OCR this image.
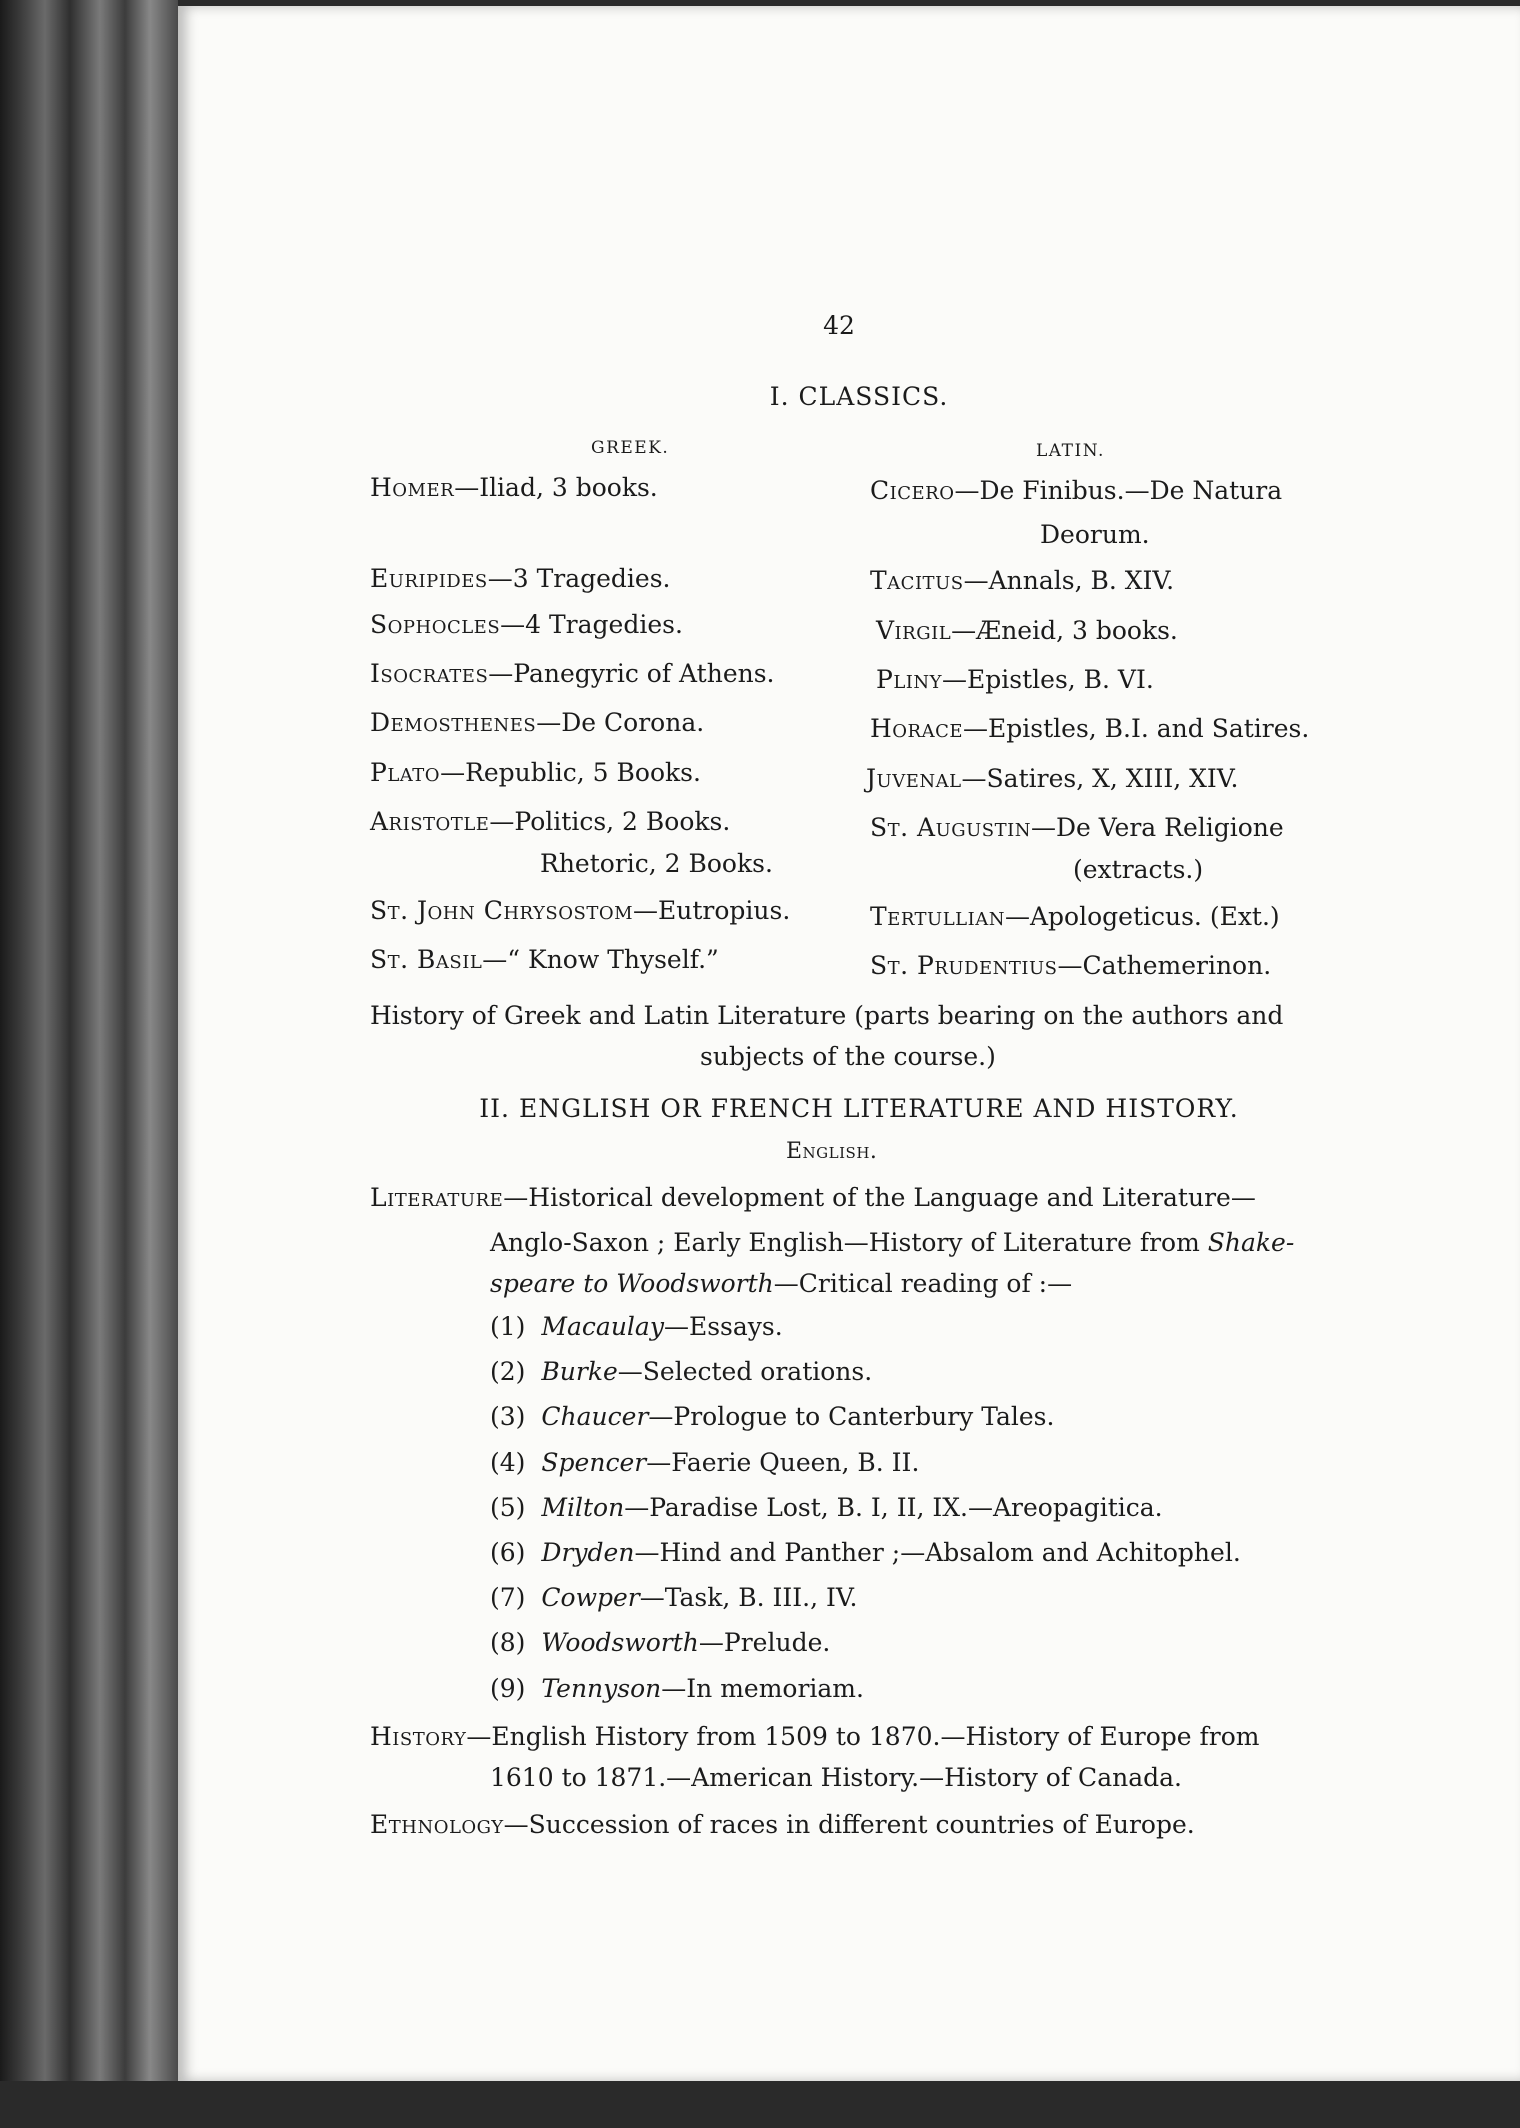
42
I. CLASSICS.
GREEK.	LATIN.
Homer—Iliad, 3 books.
Euripides—3 Tragedies.
Sophocles—4 Tragedies.
Isocrates—Panegyric of Athens.
Demosthenes—De Corona.
Plato—Republic, 5 Books.
Aristotle—Politics, 2 Books.
Rhetoric, 2 Books.
St. John Chrysostom—Eutropius.
St. Basil—“ Know Thyself.”
Cicero—De Finibus.—De Natura
Deorum.
Tacitus—Annals, B. XIV.
Virgil—Æneid, 3 books.
Pliny—Epistles, B. VI.
Horace—Epistles, B.I. and Satires.
Juvenal—Satires, X, XIII, XIV.
St. Augustin—De Vera Religione
(extracts.)
Tertullian—Apologeticus. (Ext.)
St. Prudentius—Cathemerinon.
History of Greek and Latin Literature (parts bearing on the authors and
subjects of the course.)
II. ENGLISH OR FRENCH LITERATURE AND HISTORY.
English.
Literature—Historical development of the Language and Literature—
Anglo-Saxon ; Early English—History of Literature from Shake-
speare to Woodsworth—Critical reading of :—
(1) Macaulay—Essays.
(2) Burke—Selected orations.
(3) Chaucer—Prologue to Canterbury Tales.
(4) Spencer—Faerie Queen, B. II.
(5) Milton—Paradise Lost, B. I, II, IX.—Areopagitica.
(6) Dryden—Hind and Panther ;—Absalom and Achitophel.
(7) Cowper—Task, B. III., IV.
(8) Woodsworth—Prelude.
(9) Tennyson—In memoriam.
History—English History from 1509 to 1870.—History of Europe from
1610 to 1871.—American History.—History of Canada.
Ethnology—Succession of races in different countries of Europe.
